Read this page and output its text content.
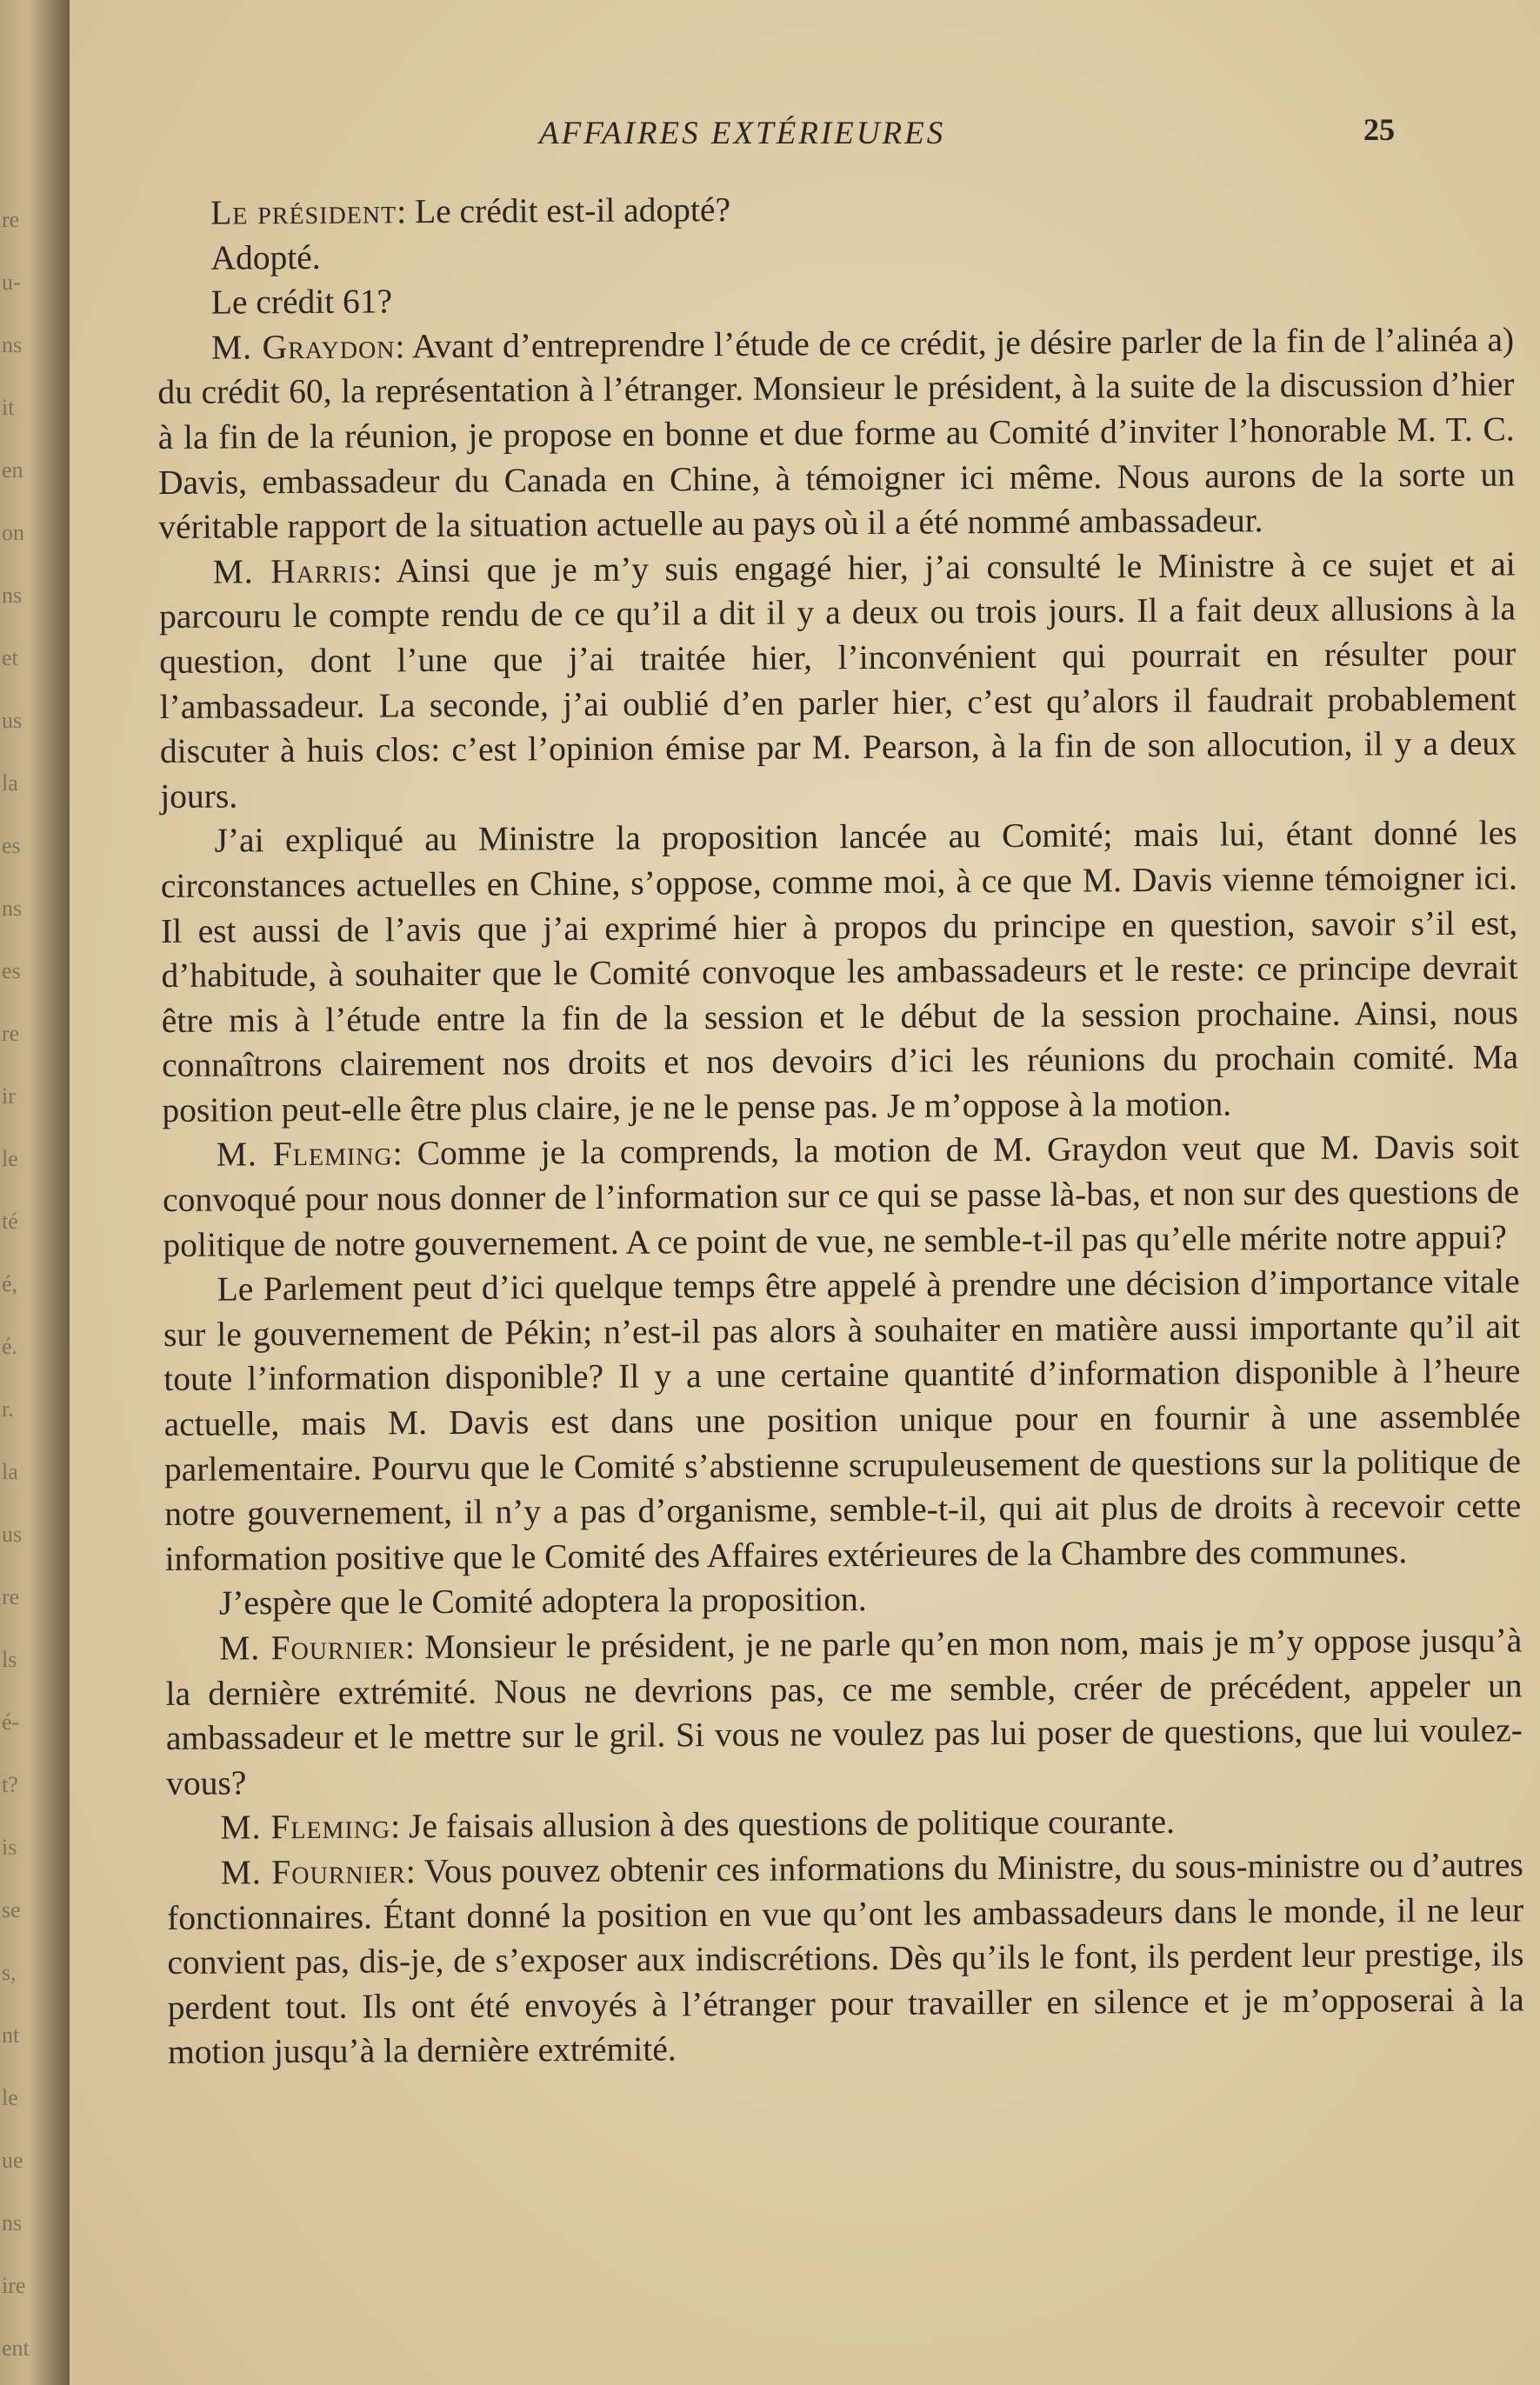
re
u-
ns
it
en
on
ns
et
us
la
es
ns
es
re
ir
le
té
é,
é.
r.
la
us
re
ls
é-
t?
is
se
s,
nt
le
ue
ns
ire
ent
AFFAIRES EXTÉRIEURES	25

Le président: Le crédit est-il adopté?

Adopté.

Le crédit 61?

M. Graydon: Avant d’entreprendre l’étude de ce crédit, je désire parler de la fin de l’alinéa a) du crédit 60, la représentation à l’étranger. Monsieur le président, à la suite de la discussion d’hier à la fin de la réunion, je propose en bonne et due forme au Comité d’inviter l’honorable M. T. C. Davis, embassadeur du Canada en Chine, à témoigner ici même. Nous aurons de la sorte un véritable rapport de la situation actuelle au pays où il a été nommé ambassadeur.

M. Harris: Ainsi que je m’y suis engagé hier, j’ai consulté le Ministre à ce sujet et ai parcouru le compte rendu de ce qu’il a dit il y a deux ou trois jours. Il a fait deux allusions à la question, dont l’une que j’ai traitée hier, l’inconvénient qui pourrait en résulter pour l’ambassadeur. La seconde, j’ai oublié d’en parler hier, c’est qu’alors il faudrait probablement discuter à huis clos: c’est l’opinion émise par M. Pearson, à la fin de son allocution, il y a deux jours.

J’ai expliqué au Ministre la proposition lancée au Comité; mais lui, étant donné les circonstances actuelles en Chine, s’oppose, comme moi, à ce que M. Davis vienne témoigner ici. Il est aussi de l’avis que j’ai exprimé hier à propos du principe en question, savoir s’il est, d’habitude, à souhaiter que le Comité convoque les ambassadeurs et le reste: ce principe devrait être mis à l’étude entre la fin de la session et le début de la session prochaine. Ainsi, nous connaîtrons clairement nos droits et nos devoirs d’ici les réunions du prochain comité. Ma position peut-elle être plus claire, je ne le pense pas. Je m’oppose à la motion.

M. Fleming: Comme je la comprends, la motion de M. Graydon veut que M. Davis soit convoqué pour nous donner de l’information sur ce qui se passe là-bas, et non sur des questions de politique de notre gouvernement. A ce point de vue, ne semble-t-il pas qu’elle mérite notre appui?

Le Parlement peut d’ici quelque temps être appelé à prendre une décision d’importance vitale sur le gouvernement de Pékin; n’est-il pas alors à souhaiter en matière aussi importante qu’il ait toute l’information disponible? Il y a une certaine quantité d’information disponible à l’heure actuelle, mais M. Davis est dans une position unique pour en fournir à une assemblée parlementaire. Pourvu que le Comité s’abstienne scrupuleusement de questions sur la politique de notre gouvernement, il n’y a pas d’organisme, semble-t-il, qui ait plus de droits à recevoir cette information positive que le Comité des Affaires extérieures de la Chambre des communes.

J’espère que le Comité adoptera la proposition.

M. Fournier: Monsieur le président, je ne parle qu’en mon nom, mais je m’y oppose jusqu’à la dernière extrémité. Nous ne devrions pas, ce me semble, créer de précédent, appeler un ambassadeur et le mettre sur le gril. Si vous ne voulez pas lui poser de questions, que lui voulez-vous?

M. Fleming: Je faisais allusion à des questions de politique courante.

M. Fournier: Vous pouvez obtenir ces informations du Ministre, du sous-ministre ou d’autres fonctionnaires. Étant donné la position en vue qu’ont les ambassadeurs dans le monde, il ne leur convient pas, dis-je, de s’exposer aux indiscrétions. Dès qu’ils le font, ils perdent leur prestige, ils perdent tout. Ils ont été envoyés à l’étranger pour travailler en silence et je m’opposerai à la motion jusqu’à la dernière extrémité.
